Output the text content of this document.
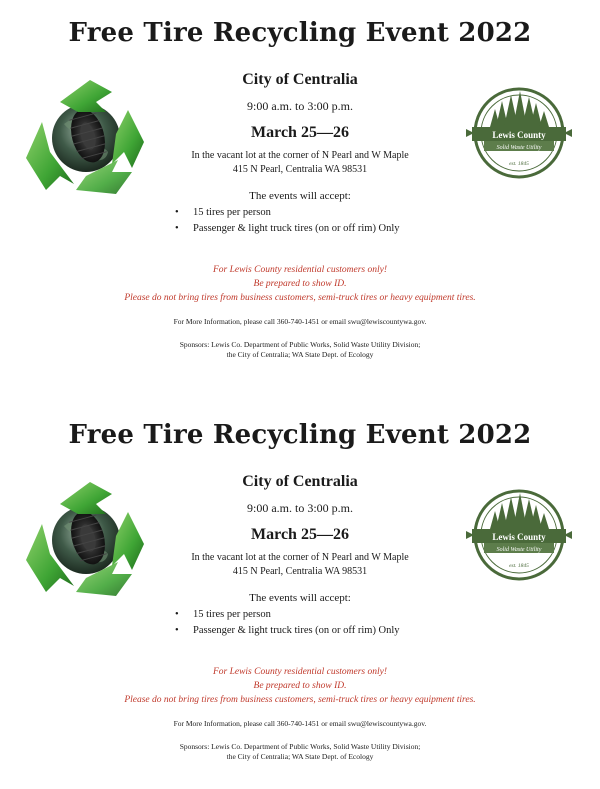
Free Tire Recycling Event 2022
City of Centralia
9:00 a.m. to 3:00 p.m.
March 25—26
In the vacant lot at the corner of N Pearl and W Maple
415 N Pearl, Centralia WA 98531
Lewis County
Solid Waste Utility
est. 1845
The events will accept:
• 15 tires per person
• Passenger & light truck tires (on or off rim) Only
For Lewis County residential customers only!
Be prepared to show ID.
Please do not bring tires from business customers, semi-truck tires or heavy equipment tires.
For More Information, please call 360-740-1451 or email swu@lewiscountywa.gov.
Sponsors: Lewis Co. Department of Public Works, Solid Waste Utility Division;
the City of Centralia; WA State Dept. of Ecology
Free Tire Recycling Event 2022
City of Centralia
9:00 a.m. to 3:00 p.m.
March 25—26
In the vacant lot at the corner of N Pearl and W Maple
415 N Pearl, Centralia WA 98531
Lewis County
Solid Waste Utility
est. 1845
The events will accept:
• 15 tires per person
• Passenger & light truck tires (on or off rim) Only
For Lewis County residential customers only!
Be prepared to show ID.
Please do not bring tires from business customers, semi-truck tires or heavy equipment tires.
For More Information, please call 360-740-1451 or email swu@lewiscountywa.gov.
Sponsors: Lewis Co. Department of Public Works, Solid Waste Utility Division;
the City of Centralia; WA State Dept. of Ecology
